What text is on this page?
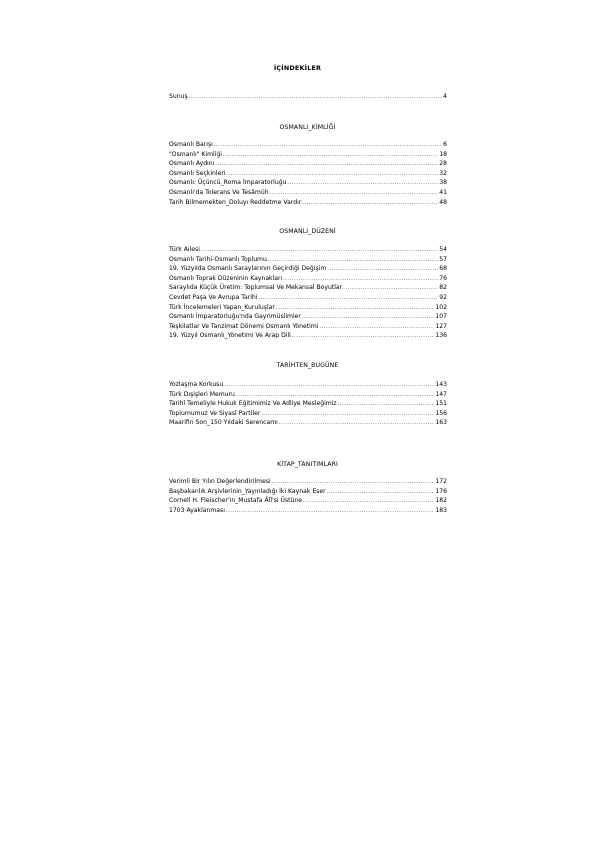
İÇİNDEKİLER
Sunuş .....	4
OSMANLI_KİMLİĞİ
Osmanlı Barışı .....	6
"Osmanlı" Kimliği .....	18
Osmanlı Aydını .....	28
Osmanlı Seçkinleri .....	32
Osmanlı: Üçüncü_Roma İmparatorluğu .....	38
Osmanlı'da Tolerans Ve Tesâmüh .....	41
Tarih Bilmemekten_Doluyı Reddetme Vardır .....	48
OSMANLI_DÜZENİ
Türk Ailesi .....	54
Osmanlı Tarihi-Osmanlı Toplumu .....	57
19. Yüzyılda Osmanlı Saraylarının Geçirdiği Değişim .....	68
Osmanlı Toprak Düzeninin Kaynakları .....	76
Saraylıda Küçük Üretim: Toplumsal Ve Mekansal Boyutlar .....	82
Cevdet Paşa Ve Avrupa Tarihi .....	92
Türk İncelemeleri Yapan_Kuruluşlar .....	102
Osmanlı İmparatorluğu'nda Gayrimüslimler .....	107
Teşkilatlar Ve Tanzimat Dönemi Osmanlı Yönetimi .....	127
19. Yüzyıl Osmanlı_Yönetimi Ve Arap Dili .....	136
TARİHTEN_BUGÜNE
Yozlaşma Korkusu .....	143
Türk Dışişleri Memuru .....	147
Tarihî Temeliyle Hukuk Eğitimimiz Ve Adliye Mesleğimiz .....	151
Toplumumuz Ve Siyasî Partiler .....	156
Maarifin Son_150 Yıldaki Serencamı .....	163
KİTAP_TANITIMLARI
Verimli Bir Yılın Değerlendirilmesi .....	172
Başbakanlık Arşivlerinin_Yayınladığı İki Kaynak Eser .....	176
Cornell H. Fleischer'in_Mustafa Âlî'si Üstüne .....	182
1703 Ayaklanması .....	183
